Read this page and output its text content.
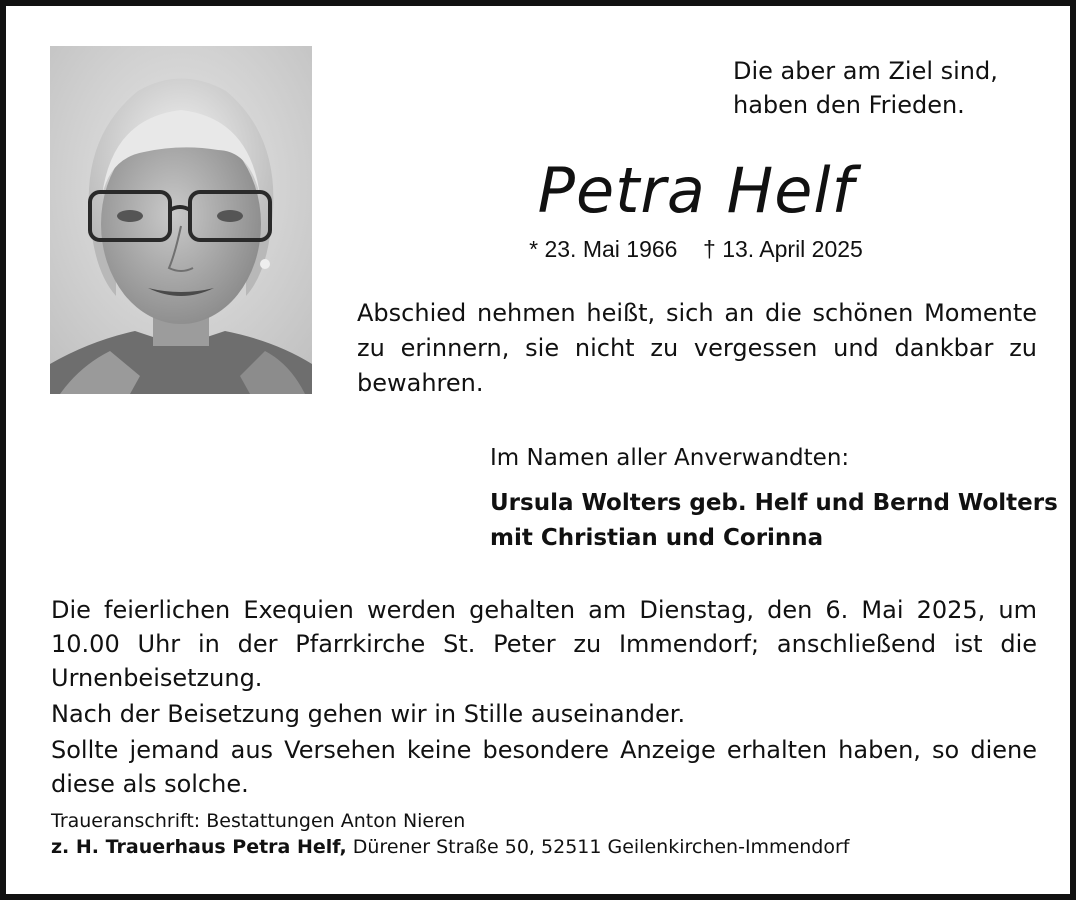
Die aber am Ziel sind,
haben den Frieden.
Petra Helf
* 23. Mai 1966    † 13. April 2025
Abschied nehmen heißt, sich an die schönen Momente zu erinnern, sie nicht zu vergessen und dankbar zu bewahren.
Im Namen aller Anverwandten:
Ursula Wolters geb. Helf und Bernd Wolters
mit Christian und Corinna

Die feierlichen Exequien werden gehalten am Dienstag, den 6. Mai 2025, um 10.00 Uhr in der Pfarrkirche St. Peter zu Immendorf; anschließend ist die Urnenbeisetzung.

Nach der Beisetzung gehen wir in Stille auseinander.

Sollte jemand aus Versehen keine besondere Anzeige erhalten haben, so diene diese als solche.

Traueranschrift: Bestattungen Anton Nieren
z. H. Trauerhaus Petra Helf, Dürener Straße 50, 52511 Geilenkirchen-Immendorf
